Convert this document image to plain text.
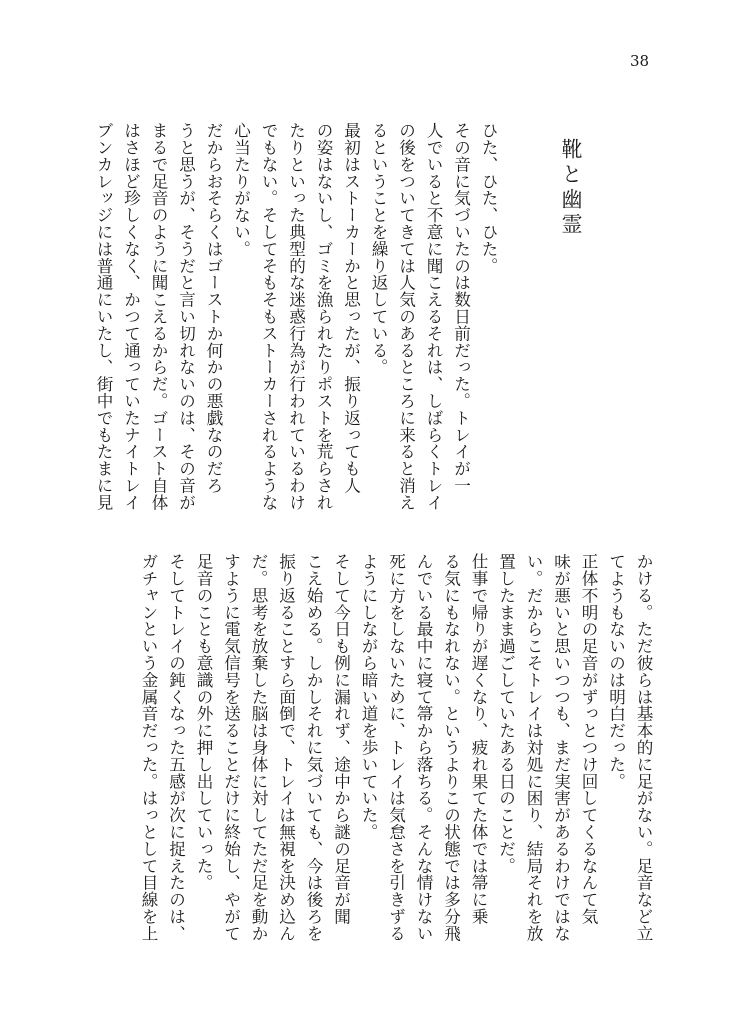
38
靴と幽霊
ひた、ひた、ひた。
その音に気づいたのは数日前だった。トレイが一
人でいると不意に聞こえるそれは、しばらくトレイ
の後をついてきては人気のあるところに来ると消え
るということを繰り返している。
最初はストーカーかと思ったが、振り返っても人
の姿はないし、ゴミを漁られたりポストを荒らされ
たりといった典型的な迷惑行為が行われているわけ
でもない。そしてそもそもストーカーされるような
心当たりがない。
だからおそらくはゴーストか何かの悪戯なのだろ
うと思うが、そうだと言い切れないのは、その音が
まるで足音のように聞こえるからだ。ゴースト自体
はさほど珍しくなく、かつて通っていたナイトレイ
ブンカレッジには普通にいたし、街中でもたまに見
かける。ただ彼らは基本的に足がない。足音など立
てようもないのは明白だった。
正体不明の足音がずっとつけ回してくるなんて気
味が悪いと思いつつも、まだ実害があるわけではな
い。だからこそトレイは対処に困り、結局それを放
置したまま過ごしていたある日のことだ。
仕事で帰りが遅くなり、疲れ果てた体では箒に乗
る気にもなれない。というよりこの状態では多分飛
んでいる最中に寝て箒から落ちる。そんな情けない
死に方をしないために、トレイは気怠さを引きずる
ようにしながら暗い道を歩いていた。
そして今日も例に漏れず、途中から謎の足音が聞
こえ始める。しかしそれに気づいても、今は後ろを
振り返ることすら面倒で、トレイは無視を決め込ん
だ。思考を放棄した脳は身体に対してただ足を動か
すように電気信号を送ることだけに終始し、やがて
足音のことも意識の外に押し出していった。
そしてトレイの鈍くなった五感が次に捉えたのは、
ガチャンという金属音だった。はっとして目線を上
